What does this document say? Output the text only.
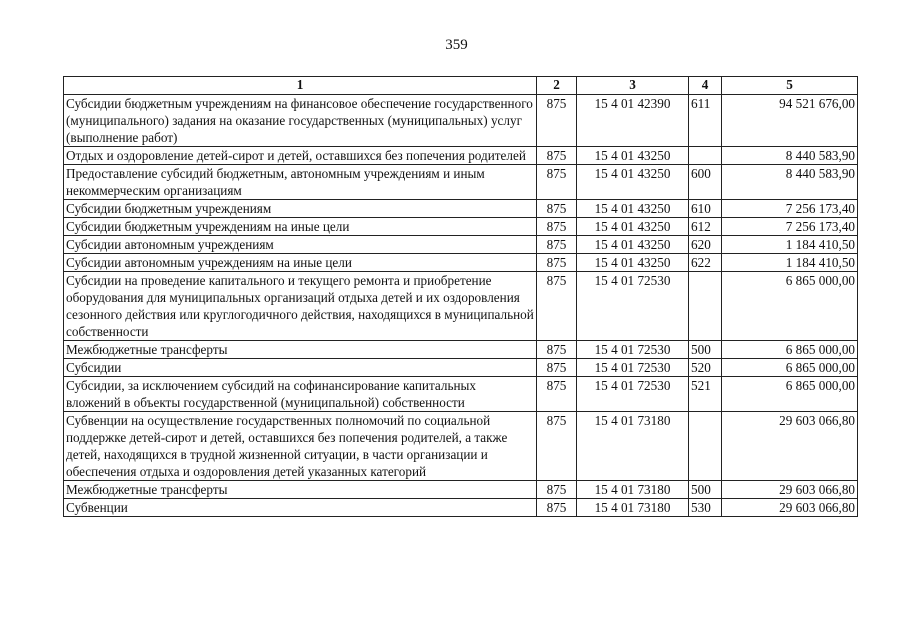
359
1	2	3	4	5
Субсидии бюджетным учреждениям на финансовое обеспечение государственного (муниципального) задания на оказание государственных (муниципальных) услуг (выполнение работ)	875	15 4 01 42390	611	94 521 676,00
Отдых и оздоровление детей-сирот и детей, оставшихся без попечения родителей	875	15 4 01 43250		8 440 583,90
Предоставление субсидий бюджетным, автономным учреждениям и иным некоммерческим организациям	875	15 4 01 43250	600	8 440 583,90
Субсидии бюджетным учреждениям	875	15 4 01 43250	610	7 256 173,40
Субсидии бюджетным учреждениям на иные цели	875	15 4 01 43250	612	7 256 173,40
Субсидии автономным учреждениям	875	15 4 01 43250	620	1 184 410,50
Субсидии автономным учреждениям на иные цели	875	15 4 01 43250	622	1 184 410,50
Субсидии на проведение капитального и текущего ремонта и приобретение оборудования для муниципальных организаций отдыха детей и их оздоровления сезонного действия или круглогодичного действия, находящихся в муниципальной собственности	875	15 4 01 72530		6 865 000,00
Межбюджетные трансферты	875	15 4 01 72530	500	6 865 000,00
Субсидии	875	15 4 01 72530	520	6 865 000,00
Субсидии, за исключением субсидий на софинансирование капитальных вложений в объекты государственной (муниципальной) собственности	875	15 4 01 72530	521	6 865 000,00
Субвенции на осуществление государственных полномочий по социальной поддержке детей-сирот и детей, оставшихся без попечения родителей, а также детей, находящихся в трудной жизненной ситуации, в части организации и обеспечения отдыха и оздоровления детей указанных категорий	875	15 4 01 73180		29 603 066,80
Межбюджетные трансферты	875	15 4 01 73180	500	29 603 066,80
Субвенции	875	15 4 01 73180	530	29 603 066,80
